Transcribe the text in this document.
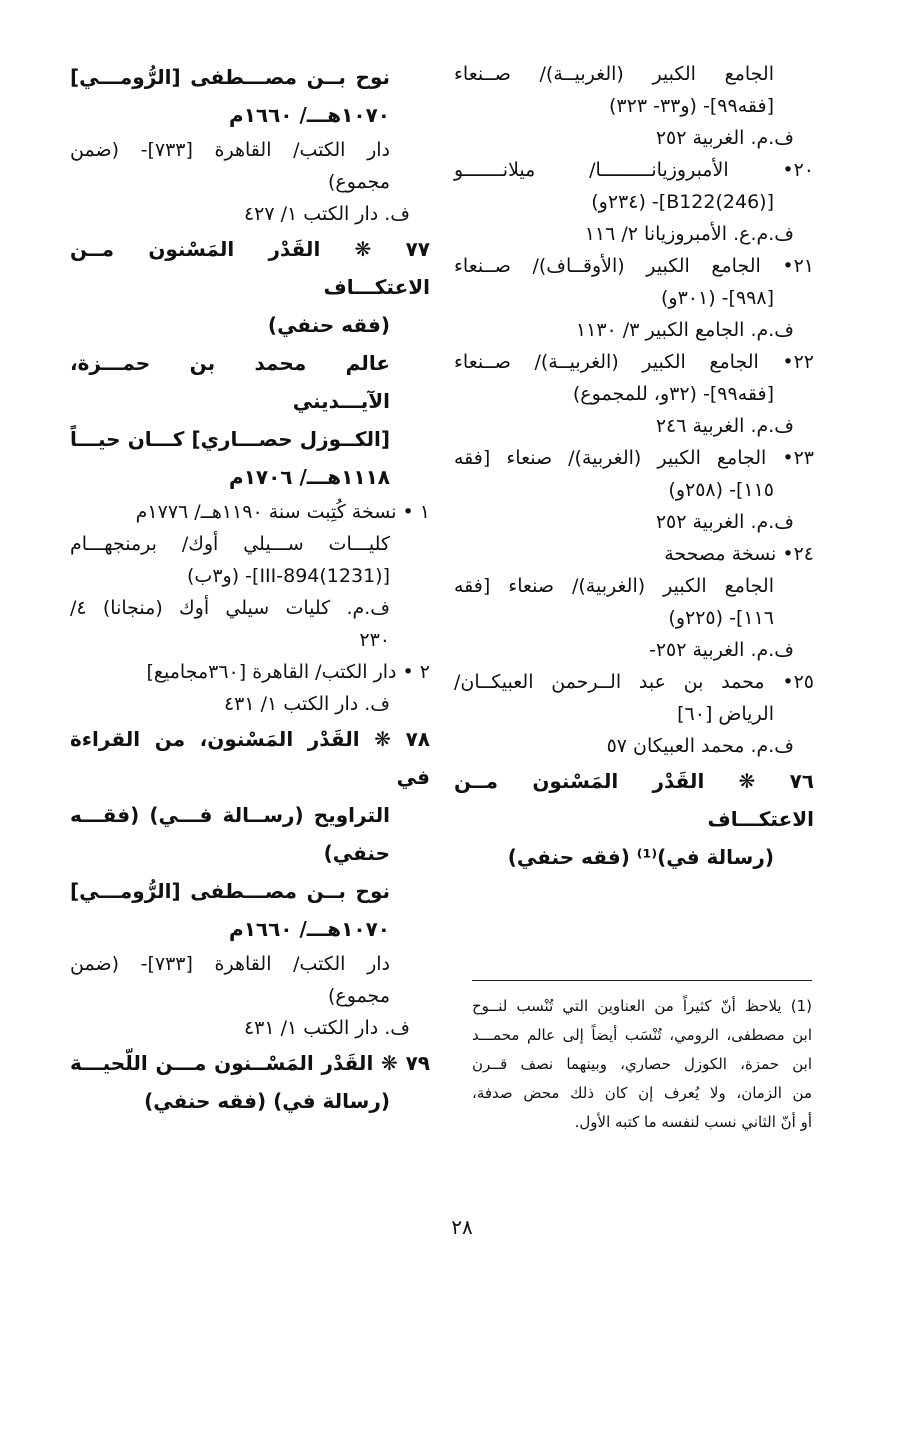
الجامع الكبير (الغربيــة)/ صــنعاء
[فقه٩٩]- (و٣٣- ٣٢٣)
ف.م. الغربية ٢٥٢
٢٠• الأمبروزيانـــــــــا/ ميلانـــــــو
[B122(246)]- (٢٣٤و)
ف.م.ع. الأمبروزيانا ٢/ ١١٦
٢١• الجامع الكبير (الأوقــاف)/ صــنعاء
[٩٩٨]- (٣٠١و)
ف.م. الجامع الكبير ٣/ ١١٣٠
٢٢• الجامع الكبير (الغربيــة)/ صــنعاء
[فقه٩٩]- (٣٢و، للمجموع)
ف.م. الغربية ٢٤٦
٢٣• الجامع الكبير (الغربية)/ صنعاء [فقه
١١٥]- (٢٥٨و)
ف.م. الغربية ٢٥٢
٢٤• نسخة مصححة
الجامع الكبير (الغربية)/ صنعاء [فقه
١١٦]- (٢٢٥و)
ف.م. الغربية ٢٥٢-
٢٥• محمد بن عبد الــرحمن العبيكــان/
الرياض [٦٠]
ف.م. محمد العبيكان ٥٧
٧٦ ❋ القَدْر المَسْنون مــن الاعتكـــاف
(رسالة في)⁽¹⁾ (فقه حنفي)
نوح بــن مصـــطفى [الرُّومـــي]
١٠٧٠هـــ/ ١٦٦٠م
دار الكتب/ القاهرة [٧٣٣]- (ضمن
مجموع)
ف. دار الكتب ١/ ٤٢٧
٧٧ ❋ القَدْر المَسْنون مــن الاعتكـــاف
(فقه حنفي)
عالم محمد بن حمـــزة، الآيـــديني
[الكــوزل حصـــاري] كـــان حيـــاً
١١١٨هـــ/ ١٧٠٦م
١ • نسخة كُتِبت سنة ١١٩٠هــ/ ١٧٧٦م
كليـــات ســـيلي أوك/ برمنجهـــام
[III-894(1231)]- (و٣ب)
ف.م. كليات سيلي أوك (منجانا) ٤/
٢٣٠
٢ • دار الكتب/ القاهرة [٣٦٠مجاميع]
ف. دار الكتب ١/ ٤٣١
٧٨ ❋ القَدْر المَسْنون، من القراءة في
التراويح (رســالة فـــي) (فقـــه
حنفي)
نوح بــن مصـــطفى [الرُّومـــي]
١٠٧٠هـــ/ ١٦٦٠م
دار الكتب/ القاهرة [٧٣٣]- (ضمن
مجموع)
ف. دار الكتب ١/ ٤٣١
٧٩ ❋ القَدْر المَسْــنون مـــن اللّحيـــة
(رسالة في) (فقه حنفي)
(1) يلاحظ أنّ كثيراً من العناوين التي تُنْسب لنــوح
ابن مصطفى، الرومي، تُنْسَب أيضاً إلى عالم محمـــد
ابن حمزة، الكوزل حصاري، وبينهما نصف قــرن
من الزمان، ولا يُعرف إن كان ذلك محض صدفة،
أو أنّ الثاني نسب لنفسه ما كتبه الأول.
٢٨
